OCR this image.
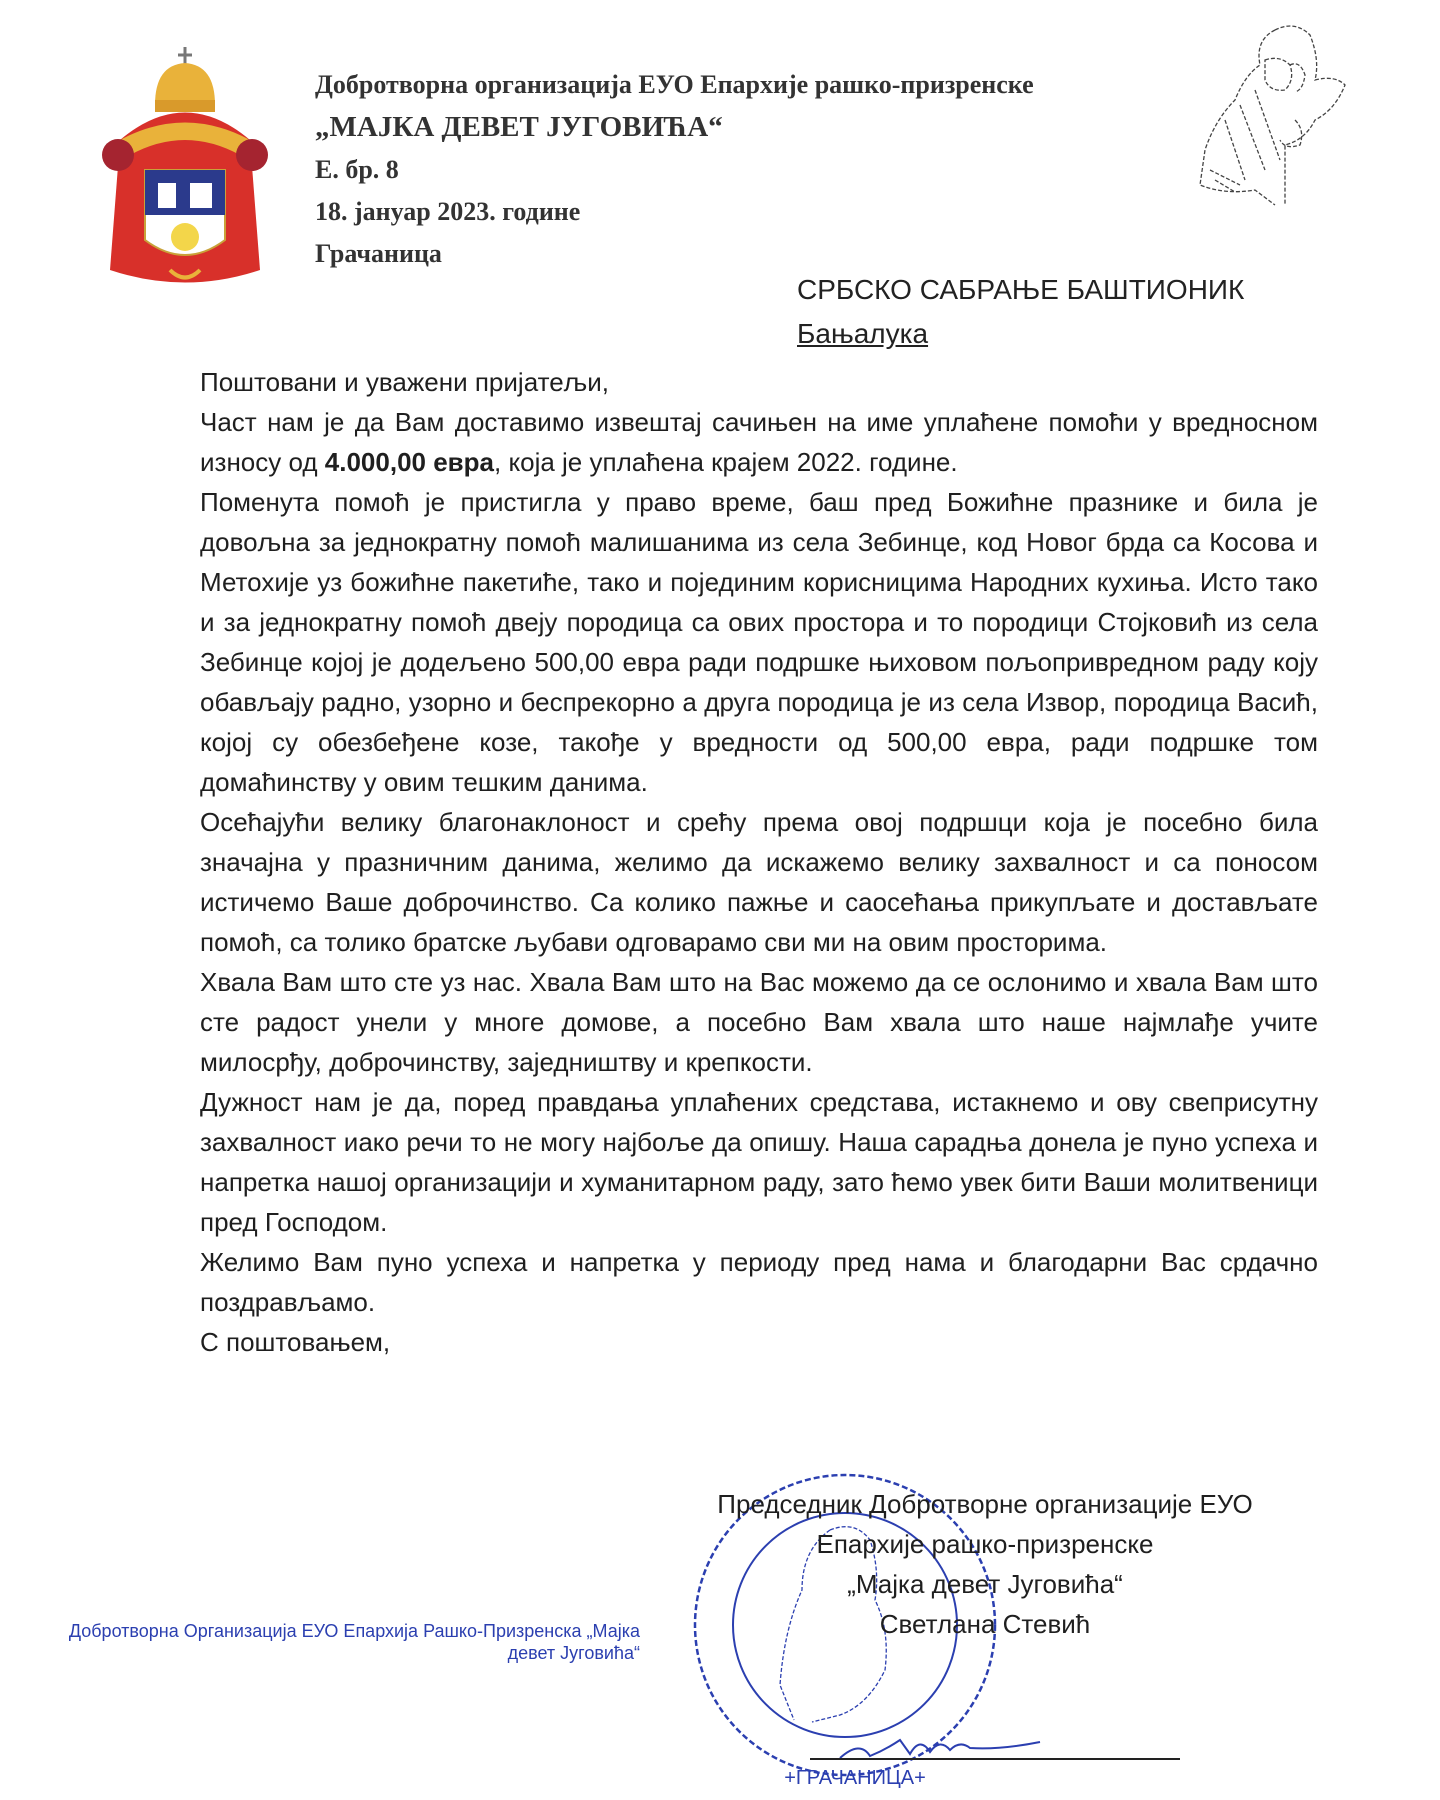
Добротворна организација ЕУО Епархије рашко-призренске
„МАЈКА ДЕВЕТ ЈУГОВИЋА“
Е. бр. 8
18. јануар 2023. године
Грачаница
СРБСКО САБРАЊЕ БАШТИОНИК
Бањалука

Поштовани и уважени пријатељи,

Част нам је да Вам доставимо извештај сачињен на име уплаћене помоћи у вредносном износу од 4.000,00 евра, која је уплаћена крајем 2022. године.

Поменута помоћ је пристигла у право време, баш пред Божићне празнике и била је довољна за једнократну помоћ малишанима из села Зебинце, код Новог брда са Косова и Метохије уз божићне пакетиће, тако и појединим корисницима Народних кухиња. Исто тако и за једнократну помоћ двеју породица са ових простора и то породици Стојковић из села Зебинце којој је додељено 500,00 евра ради подршке њиховом пољопривредном раду коју обављају радно, узорно и беспрекорно а друга породица је из села Извор, породица Васић, којој су обезбеђене козе, такође у вредности од 500,00 евра, ради подршке том домаћинству у овим тешким данима.

Осећајући велику благонаклоност и срећу према овој подршци која је посебно била значајна у празничним данима, желимо да искажемо велику захвалност и са поносом истичемо Ваше доброчинство. Са колико пажње и саосећања прикупљате и достављате помоћ, са толико братске љубави одговарамо сви ми на овим просторима.

Хвала Вам што сте уз нас. Хвала Вам што на Вас можемо да се ослонимо и хвала Вам што сте радост унели у многе домове, а посебно Вам хвала што наше најмлађе учите милосрђу, доброчинству, заједништву и крепкости.

Дужност нам је да, поред правдања уплаћених средстава, истакнемо и ову свеприсутну захвалност иако речи то не могу најбоље да опишу. Наша сарадња донела је пуно успеха и напретка нашој организацији и хуманитарном раду, зато ћемо увек бити Ваши молитвеници пред Господом.

Желимо Вам пуно успеха и напретка у периоду пред нама и благодарни Вас срдачно поздрављамо.

С поштовањем,

Председник Добротворне организације ЕУО
Епархије рашко-призренске
„Мајка девет Југовића“
Светлана Стевић
Добротворна Организација ЕУО Епархија Рашко-Призренска „Мајка девет Југовића“
+ГРАЧАНИЦА+
